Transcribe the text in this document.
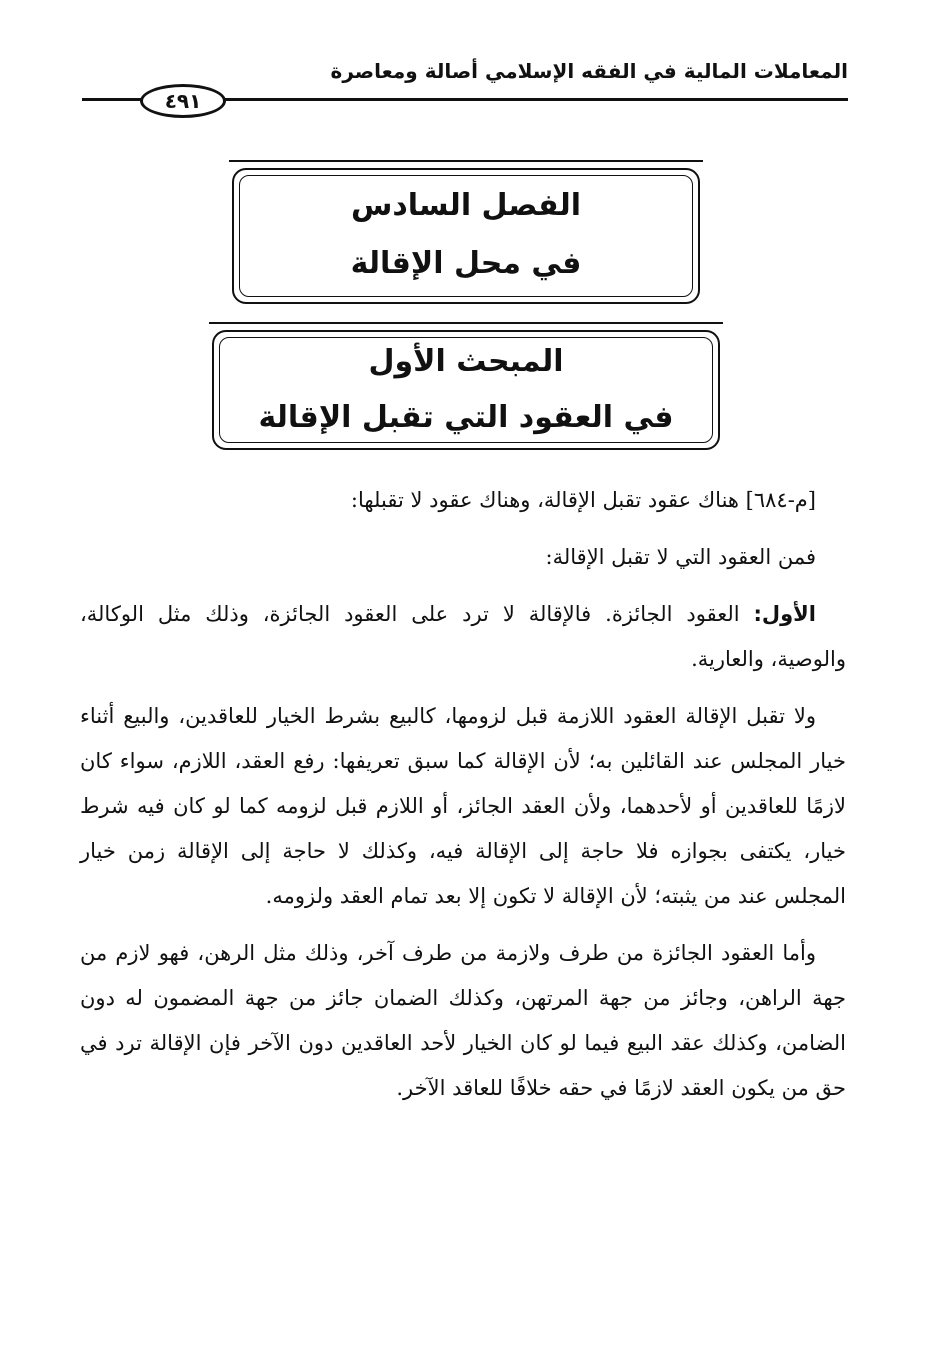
المعاملات المالية في الفقه الإسلامي أصالة ومعاصرة
٤٩١
الفصل السادس
في محل الإقالة
المبحث الأول
في العقود التي تقبل الإقالة

[م-٦٨٤] هناك عقود تقبل الإقالة، وهناك عقود لا تقبلها:

فمن العقود التي لا تقبل الإقالة:

الأول: العقود الجائزة. فالإقالة لا ترد على العقود الجائزة، وذلك مثل الوكالة، والوصية، والعارية.

ولا تقبل الإقالة العقود اللازمة قبل لزومها، كالبيع بشرط الخيار للعاقدين، والبيع أثناء خيار المجلس عند القائلين به؛ لأن الإقالة كما سبق تعريفها: رفع العقد، اللازم، سواء كان لازمًا للعاقدين أو لأحدهما، ولأن العقد الجائز، أو اللازم قبل لزومه كما لو كان فيه شرط خيار، يكتفى بجوازه فلا حاجة إلى الإقالة فيه، وكذلك لا حاجة إلى الإقالة زمن خيار المجلس عند من يثبته؛ لأن الإقالة لا تكون إلا بعد تمام العقد ولزومه.

وأما العقود الجائزة من طرف ولازمة من طرف آخر، وذلك مثل الرهن، فهو لازم من جهة الراهن، وجائز من جهة المرتهن، وكذلك الضمان جائز من جهة المضمون له دون الضامن، وكذلك عقد البيع فيما لو كان الخيار لأحد العاقدين دون الآخر فإن الإقالة ترد في حق من يكون العقد لازمًا في حقه خلافًا للعاقد الآخر.
